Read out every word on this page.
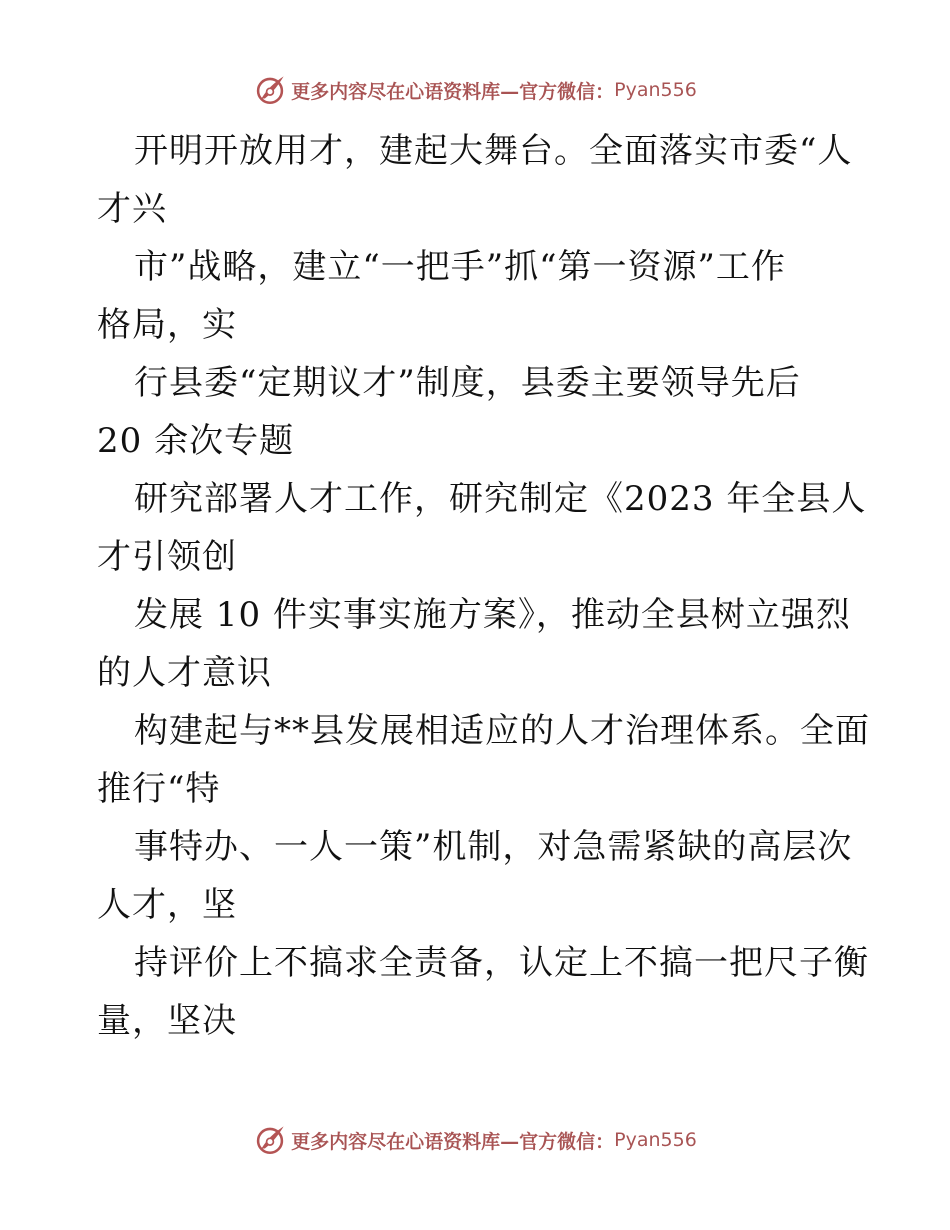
更多内容尽在心语资料库—官方微信： Pyan556
开明开放用才，建起大舞台。全面落实市委“人
才兴
市”战略，建立“一把手”抓“第一资源”工作
格局，实
行县委“定期议才”制度，县委主要领导先后
20 余次专题
研究部署人才工作，研究制定《2023 年全县人
才引领创
发展 10 件实事实施方案》，推动全县树立强烈
的人才意识
构建起与**县发展相适应的人才治理体系。全面
推行“特
事特办、一人一策”机制，对急需紧缺的高层次
人才，坚
持评价上不搞求全责备，认定上不搞一把尺子衡
量，坚决
更多内容尽在心语资料库—官方微信： Pyan556
